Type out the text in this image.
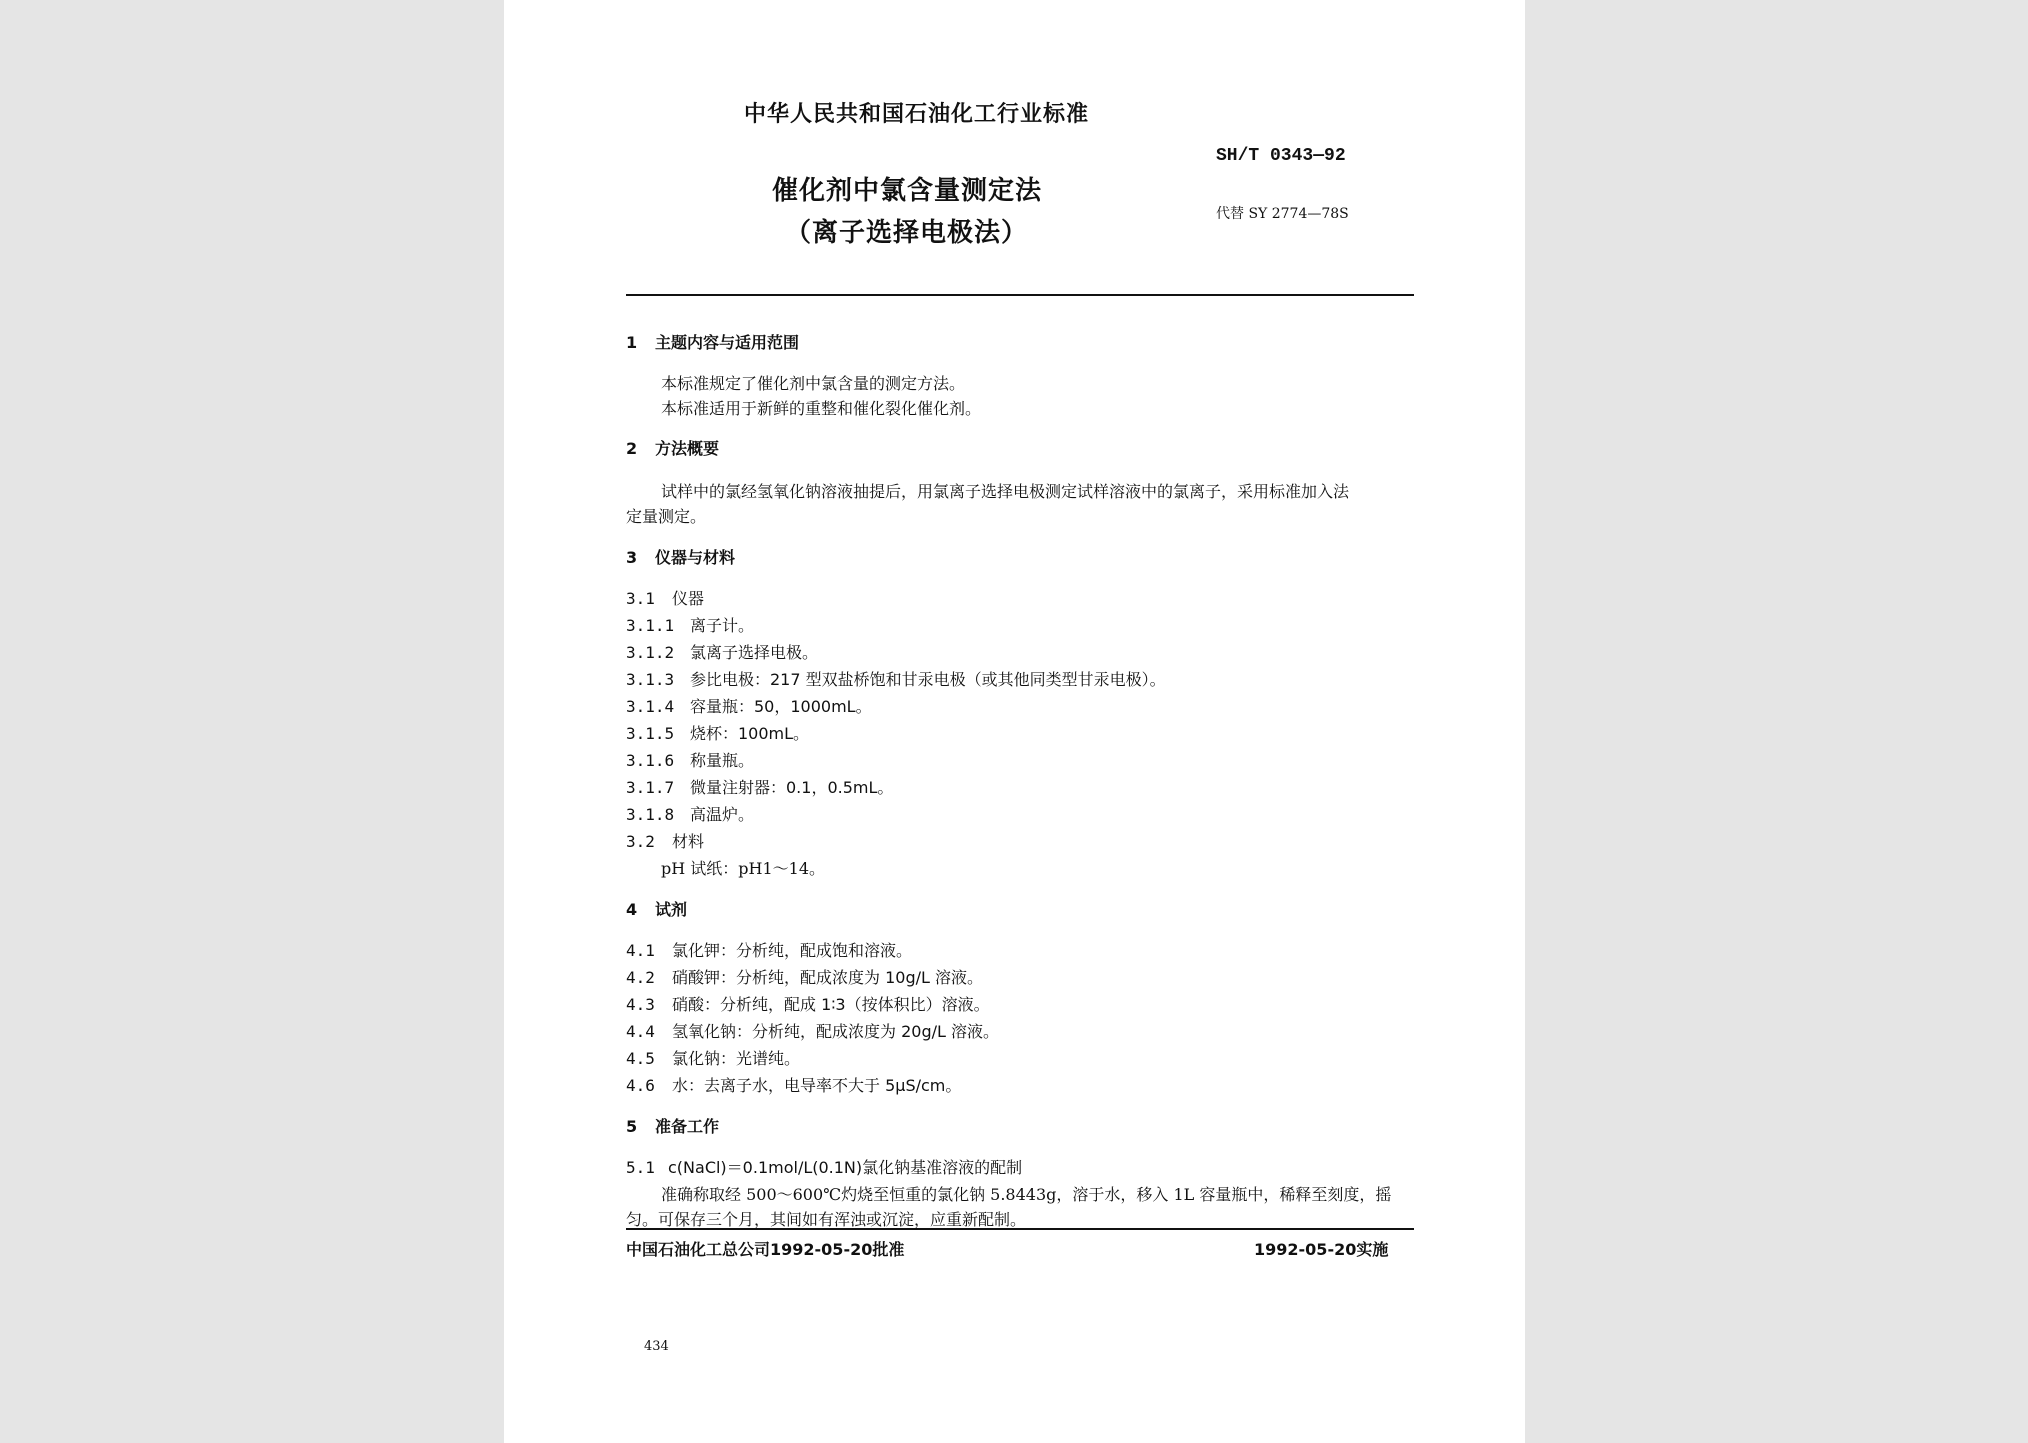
中华人民共和国石油化工行业标准
SH/T 0343—92
催化剂中氯含量测定法
代替 SY 2774—78S
（离子选择电极法）
1 主题内容与适用范围
本标准规定了催化剂中氯含量的测定方法。
本标准适用于新鲜的重整和催化裂化催化剂。
2 方法概要
试样中的氯经氢氧化钠溶液抽提后，用氯离子选择电极测定试样溶液中的氯离子，采用标准加入法
定量测定。
3 仪器与材料
3.1 仪器
3.1.1 离子计。
3.1.2 氯离子选择电极。
3.1.3 参比电极：217 型双盐桥饱和甘汞电极（或其他同类型甘汞电极）。
3.1.4 容量瓶：50，1000mL。
3.1.5 烧杯：100mL。
3.1.6 称量瓶。
3.1.7 微量注射器：0.1，0.5mL。
3.1.8 高温炉。
3.2 材料
pH 试纸：pH1～14。
4 试剂
4.1 氯化钾：分析纯，配成饱和溶液。
4.2 硝酸钾：分析纯，配成浓度为 10g/L 溶液。
4.3 硝酸：分析纯，配成 1∶3（按体积比）溶液。
4.4 氢氧化钠：分析纯，配成浓度为 20g/L 溶液。
4.5 氯化钠：光谱纯。
4.6 水：去离子水，电导率不大于 5μS/cm。
5 准备工作
5.1 c(NaCl)＝0.1mol/L(0.1N)氯化钠基准溶液的配制
准确称取经 500～600℃灼烧至恒重的氯化钠 5.8443g，溶于水，移入 1L 容量瓶中，稀释至刻度，摇
匀。可保存三个月，其间如有浑浊或沉淀，应重新配制。
中国石油化工总公司1992-05-20批准	1992-05-20实施
434
